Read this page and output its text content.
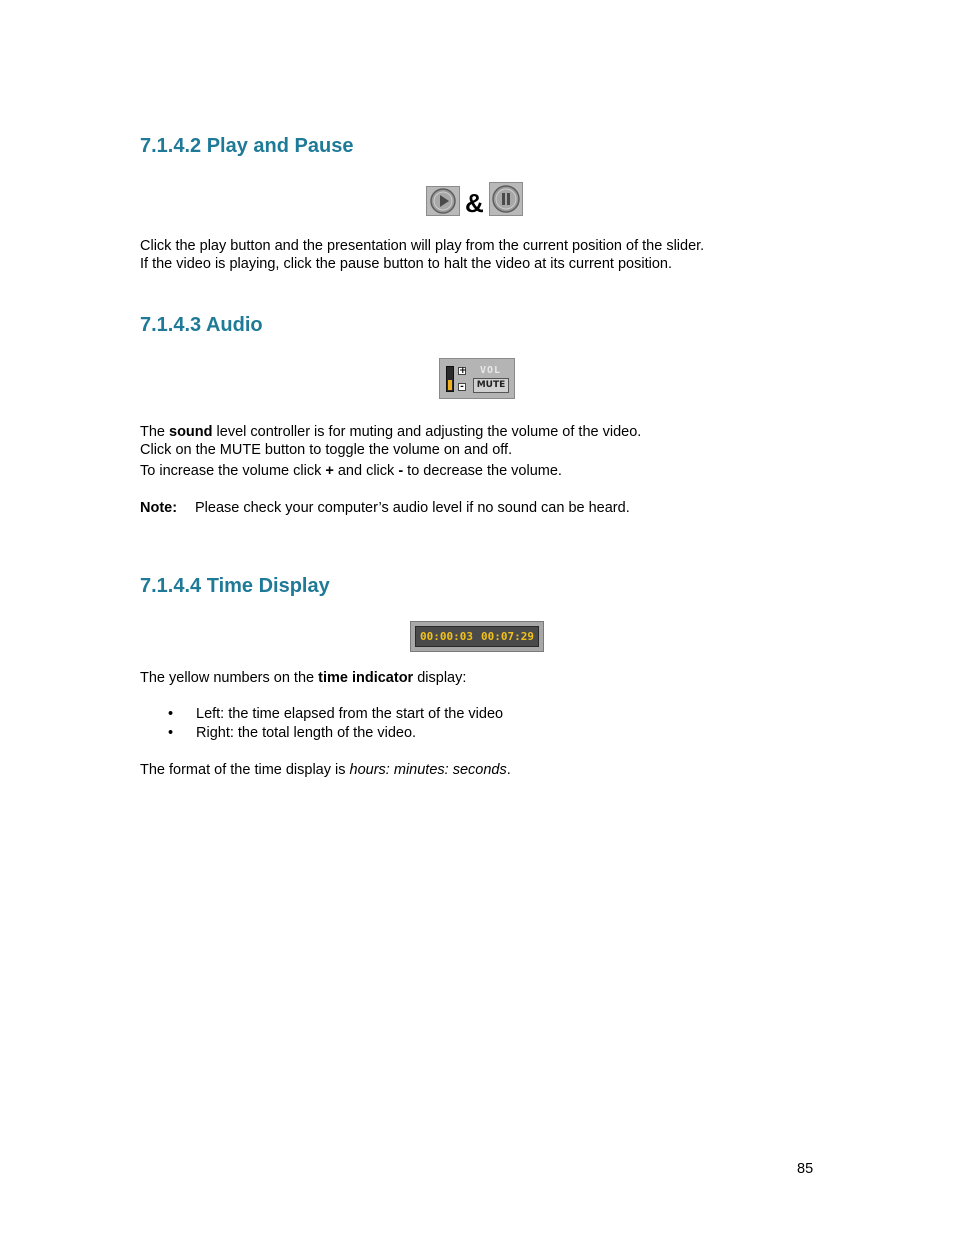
7.1.4.2 Play and Pause
&

Click the play button and the presentation will play from the current position of the slider.

If the video is playing, click the pause button to halt the video at its current position.

7.1.4.3 Audio
+
-
VOL
MUTE

The sound level controller is for muting and adjusting the volume of the video.

Click on the MUTE button to toggle the volume on and off.

To increase the volume click + and click - to decrease the volume.

Note: Please check your computer’s audio level if no sound can be heard.

7.1.4.4 Time Display
00:00:03 00:07:29

The yellow numbers on the time indicator display:

• Left: the time elapsed from the start of the video
• Right: the total length of the video.

The format of the time display is hours: minutes: seconds.

85
